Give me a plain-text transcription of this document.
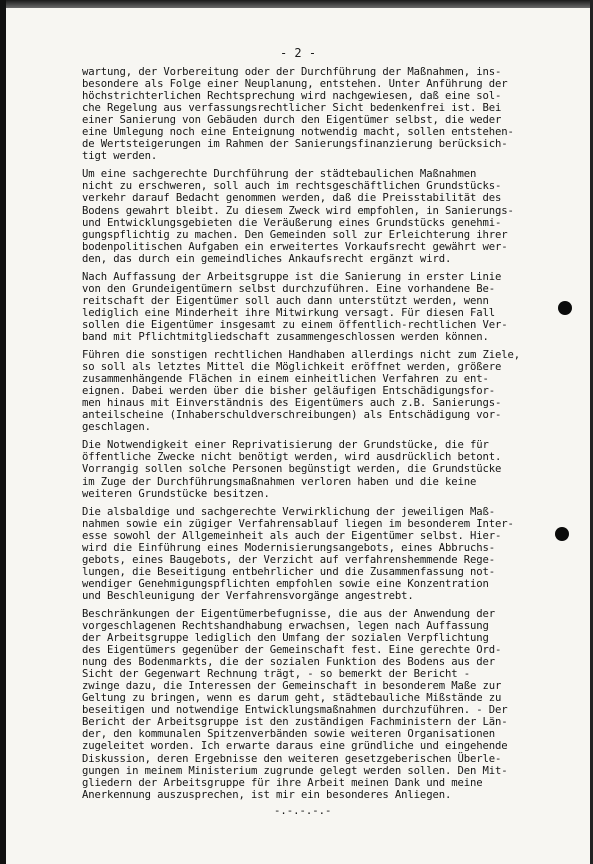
- 2 -

wartung, der Vorbereitung oder der Durchführung der Maßnahmen, ins-
besondere als Folge einer Neuplanung, entstehen. Unter Anführung der
höchstrichterlichen Rechtsprechung wird nachgewiesen, daß eine sol-
che Regelung aus verfassungsrechtlicher Sicht bedenkenfrei ist. Bei
einer Sanierung von Gebäuden durch den Eigentümer selbst, die weder
eine Umlegung noch eine Enteignung notwendig macht, sollen entstehen-
de Wertsteigerungen im Rahmen der Sanierungsfinanzierung berücksich-
tigt werden.

Um eine sachgerechte Durchführung der städtebaulichen Maßnahmen
nicht zu erschweren, soll auch im rechtsgeschäftlichen Grundstücks-
verkehr darauf Bedacht genommen werden, daß die Preisstabilität des
Bodens gewahrt bleibt. Zu diesem Zweck wird empfohlen, in Sanierungs-
und Entwicklungsgebieten die Veräußerung eines Grundstücks genehmi-
gungspflichtig zu machen. Den Gemeinden soll zur Erleichterung ihrer
bodenpolitischen Aufgaben ein erweitertes Vorkaufsrecht gewährt wer-
den, das durch ein gemeindliches Ankaufsrecht ergänzt wird.

Nach Auffassung der Arbeitsgruppe ist die Sanierung in erster Linie
von den Grundeigentümern selbst durchzuführen. Eine vorhandene Be-
reitschaft der Eigentümer soll auch dann unterstützt werden, wenn
lediglich eine Minderheit ihre Mitwirkung versagt. Für diesen Fall
sollen die Eigentümer insgesamt zu einem öffentlich-rechtlichen Ver-
band mit Pflichtmitgliedschaft zusammengeschlossen werden können.

Führen die sonstigen rechtlichen Handhaben allerdings nicht zum Ziele,
so soll als letztes Mittel die Möglichkeit eröffnet werden, größere
zusammenhängende Flächen in einem einheitlichen Verfahren zu ent-
eignen. Dabei werden über die bisher geläufigen Entschädigungsfor-
men hinaus mit Einverständnis des Eigentümers auch z.B. Sanierungs-
anteilscheine (Inhaberschuldverschreibungen) als Entschädigung vor-
geschlagen.

Die Notwendigkeit einer Reprivatisierung der Grundstücke, die für
öffentliche Zwecke nicht benötigt werden, wird ausdrücklich betont.
Vorrangig sollen solche Personen begünstigt werden, die Grundstücke
im Zuge der Durchführungsmaßnahmen verloren haben und die keine
weiteren Grundstücke besitzen.

Die alsbaldige und sachgerechte Verwirklichung der jeweiligen Maß-
nahmen sowie ein zügiger Verfahrensablauf liegen im besonderem Inter-
esse sowohl der Allgemeinheit als auch der Eigentümer selbst. Hier-
wird die Einführung eines Modernisierungsangebots, eines Abbruchs-
gebots, eines Baugebots, der Verzicht auf verfahrenshemmende Rege-
lungen, die Beseitigung entbehrlicher und die Zusammenfassung not-
wendiger Genehmigungspflichten empfohlen sowie eine Konzentration
und Beschleunigung der Verfahrensvorgänge angestrebt.

Beschränkungen der Eigentümerbefugnisse, die aus der Anwendung der
vorgeschlagenen Rechtshandhabung erwachsen, legen nach Auffassung
der Arbeitsgruppe lediglich den Umfang der sozialen Verpflichtung
des Eigentümers gegenüber der Gemeinschaft fest. Eine gerechte Ord-
nung des Bodenmarkts, die der sozialen Funktion des Bodens aus der
Sicht der Gegenwart Rechnung trägt, - so bemerkt der Bericht -
zwinge dazu, die Interessen der Gemeinschaft in besonderem Maße zur
Geltung zu bringen, wenn es darum geht, städtebauliche Mißstände zu
beseitigen und notwendige Entwicklungsmaßnahmen durchzuführen. - Der
Bericht der Arbeitsgruppe ist den zuständigen Fachministern der Län-
der, den kommunalen Spitzenverbänden sowie weiteren Organisationen
zugeleitet worden. Ich erwarte daraus eine gründliche und eingehende
Diskussion, deren Ergebnisse den weiteren gesetzgeberischen Überle-
gungen in meinem Ministerium zugrunde gelegt werden sollen. Den Mit-
gliedern der Arbeitsgruppe für ihre Arbeit meinen Dank und meine
Anerkennung auszusprechen, ist mir ein besonderes Anliegen.

-.-.-.-.-
